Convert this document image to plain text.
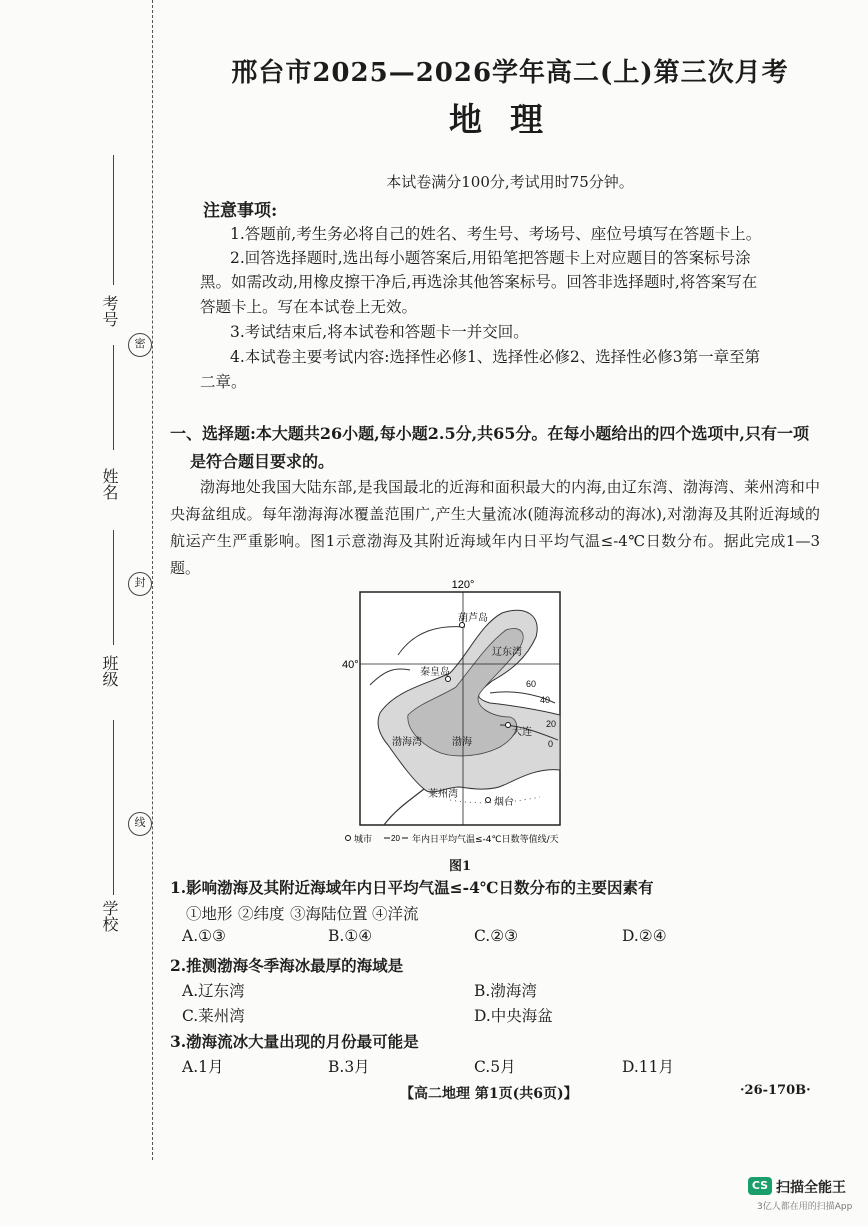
考号
姓名
班级
学校
密
封
线
邢台市2025—2026学年高二(上)第三次月考
地理
本试卷满分100分,考试用时75分钟。
注意事项:
1.答题前,考生务必将自己的姓名、考生号、考场号、座位号填写在答题卡上。
2.回答选择题时,选出每小题答案后,用铅笔把答题卡上对应题目的答案标号涂
黑。如需改动,用橡皮擦干净后,再选涂其他答案标号。回答非选择题时,将答案写在
答题卡上。写在本试卷上无效。
3.考试结束后,将本试卷和答题卡一并交回。
4.本试卷主要考试内容:选择性必修1、选择性必修2、选择性必修3第一章至第
二章。
一、选择题:本大题共26小题,每小题2.5分,共65分。在每小题给出的四个选项中,只有一项
是符合题目要求的。
渤海地处我国大陆东部,是我国最北的近海和面积最大的内海,由辽东湾、渤海湾、莱州湾和中央海盆组成。每年渤海海冰覆盖范围广,产生大量流冰(随海流移动的海冰),对渤海及其附近海域的航运产生严重影响。图1示意渤海及其附近海域年内日平均气温≤-4℃日数分布。据此完成1—3题。
120°
40°
葫芦岛
辽东湾
秦皇岛
渤海湾	渤海
大连
莱州湾
烟台
60
40
20
0
城市 20 年内日平均气温≤-4℃日数等值线/天
图1
1.影响渤海及其附近海域年内日平均气温≤-4℃日数分布的主要因素有
①地形 ②纬度 ③海陆位置 ④洋流
A.①③	B.①④	C.②③	D.②④
2.推测渤海冬季海冰最厚的海域是
A.辽东湾	B.渤海湾
C.莱州湾	D.中央海盆
3.渤海流冰大量出现的月份最可能是
A.1月	B.3月	C.5月	D.11月
【高二地理 第1页(共6页)】	·26-170B·
CS 扫描全能王
3亿人都在用的扫描App
